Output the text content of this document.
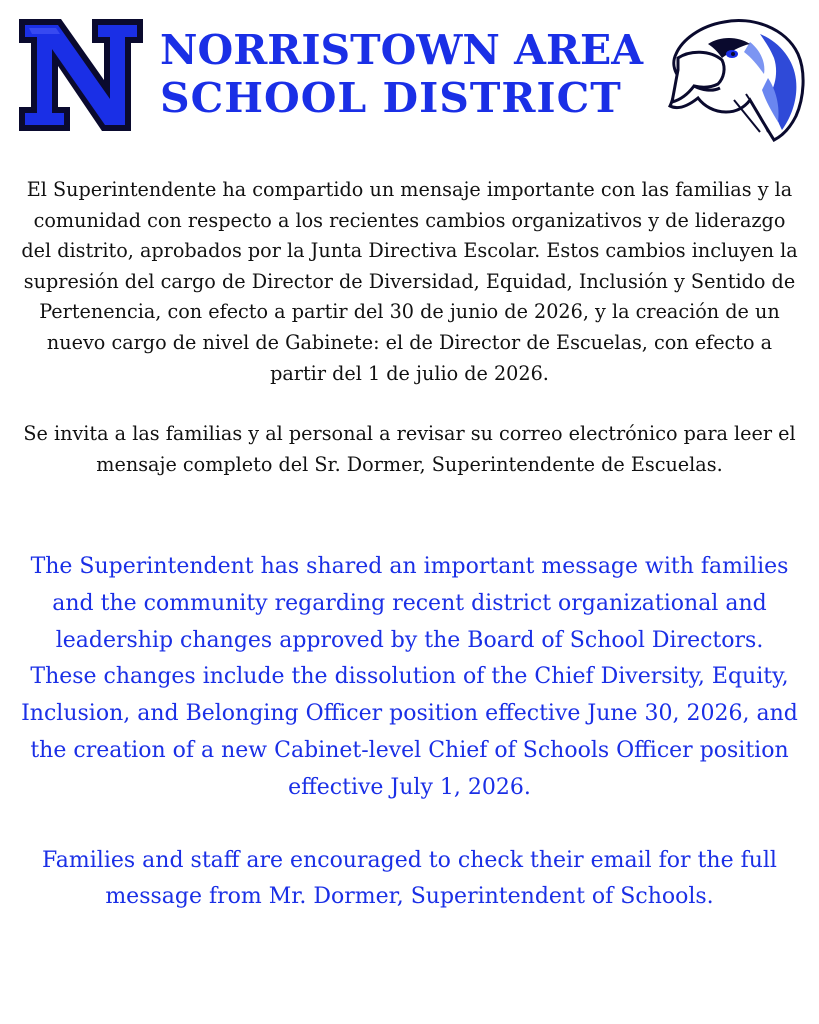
NORRISTOWN AREA
SCHOOL DISTRICT

El Superintendente ha compartido un mensaje importante con las familias y la comunidad con respecto a los recientes cambios organizativos y de liderazgo del distrito, aprobados por la Junta Directiva Escolar. Estos cambios incluyen la supresión del cargo de Director de Diversidad, Equidad, Inclusión y Sentido de Pertenencia, con efecto a partir del 30 de junio de 2026, y la creación de un nuevo cargo de nivel de Gabinete: el de Director de Escuelas, con efecto a partir del 1 de julio de 2026.

Se invita a las familias y al personal a revisar su correo electrónico para leer el mensaje completo del Sr. Dormer, Superintendente de Escuelas.

The Superintendent has shared an important message with families and the community regarding recent district organizational and leadership changes approved by the Board of School Directors. These changes include the dissolution of the Chief Diversity, Equity, Inclusion, and Belonging Officer position effective June 30, 2026, and the creation of a new Cabinet-level Chief of Schools Officer position effective July 1, 2026.

Families and staff are encouraged to check their email for the full message from Mr. Dormer, Superintendent of Schools.
